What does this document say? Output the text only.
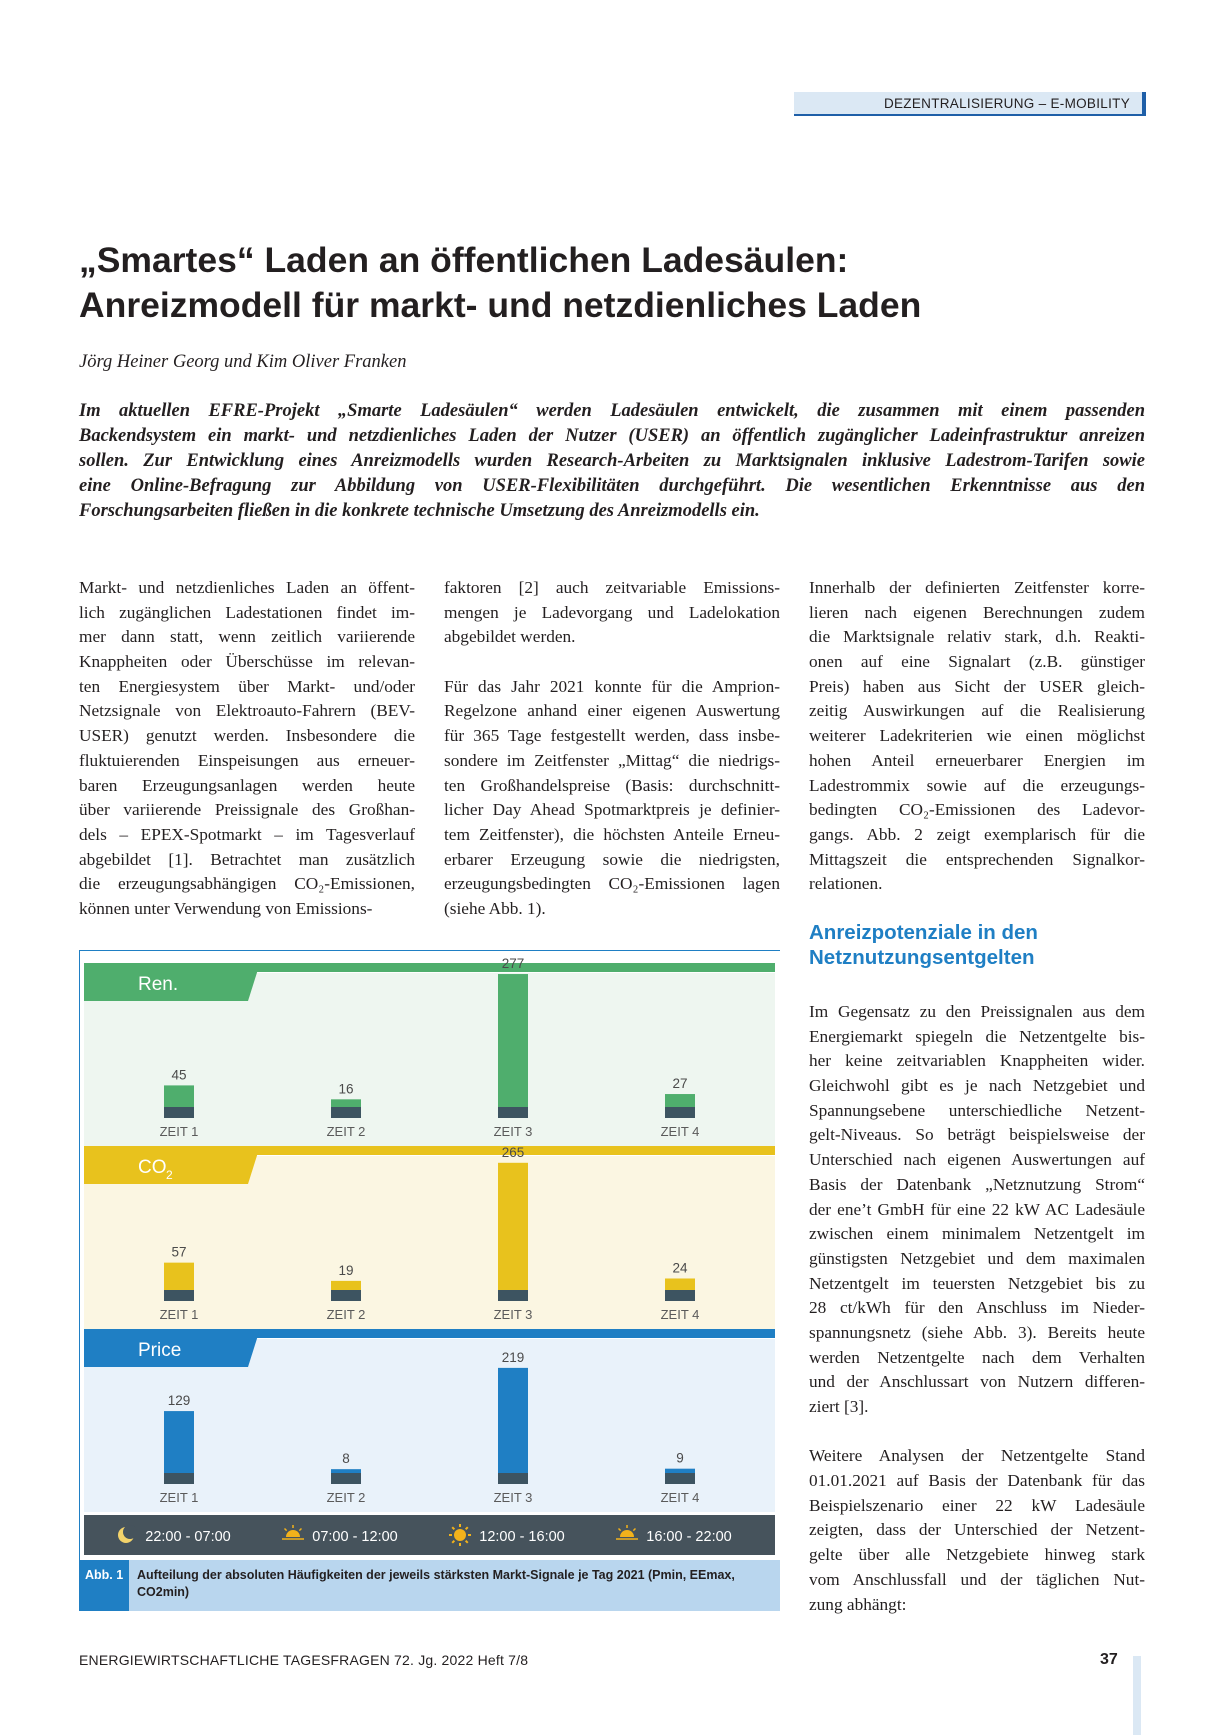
DEZENTRALISIERUNG – E-MOBILITY
„Smartes“ Laden an öffentlichen Ladesäulen:
Anreizmodell für markt- und netzdienliches Laden
Jörg Heiner Georg und Kim Oliver Franken
Im aktuellen EFRE-Projekt „Smarte Ladesäulen“ werden Ladesäulen entwickelt, die zusammen mit einem passenden
Backendsystem ein markt- und netzdienliches Laden der Nutzer (USER) an öffentlich zugänglicher Ladeinfrastruktur anreizen
sollen. Zur Entwicklung eines Anreizmodells wurden Research-Arbeiten zu Marktsignalen inklusive Ladestrom-Tarifen sowie
eine Online-Befragung zur Abbildung von USER-Flexibilitäten durchgeführt. Die wesentlichen Erkenntnisse aus den
Forschungsarbeiten fließen in die konkrete technische Umsetzung des Anreizmodells ein.
Markt- und netzdienliches Laden an öffent-
lich zugänglichen Ladestationen findet im-
mer dann statt, wenn zeitlich variierende
Knappheiten oder Überschüsse im relevan-
ten Energiesystem über Markt- und/oder
Netzsignale von Elektroauto-Fahrern (BEV-
USER) genutzt werden. Insbesondere die
fluktuierenden Einspeisungen aus erneuer-
baren Erzeugungsanlagen werden heute
über variierende Preissignale des Großhan-
dels – EPEX-Spotmarkt – im Tagesverlauf
abgebildet [1]. Betrachtet man zusätzlich
die erzeugungsabhängigen CO₂-Emissionen,
können unter Verwendung von Emissions-
faktoren [2] auch zeitvariable Emissions-
mengen je Ladevorgang und Ladelokation
abgebildet werden.
Für das Jahr 2021 konnte für die Amprion-
Regelzone anhand einer eigenen Auswertung
für 365 Tage festgestellt werden, dass insbe-
sondere im Zeitfenster „Mittag“ die niedrigs-
ten Großhandelspreise (Basis: durchschnitt-
licher Day Ahead Spotmarktpreis je definier-
tem Zeitfenster), die höchsten Anteile Erneu-
erbarer Erzeugung sowie die niedrigsten,
erzeugungsbedingten CO₂-Emissionen lagen
(siehe Abb. 1).
Innerhalb der definierten Zeitfenster korre-
lieren nach eigenen Berechnungen zudem
die Marktsignale relativ stark, d.h. Reakti-
onen auf eine Signalart (z.B. günstiger
Preis) haben aus Sicht der USER gleich-
zeitig Auswirkungen auf die Realisierung
weiterer Ladekriterien wie einen möglichst
hohen Anteil erneuerbarer Energien im
Ladestrommix sowie auf die erzeugungs-
bedingten CO₂-Emissionen des Ladevor-
gangs. Abb. 2 zeigt exemplarisch für die
Mittagszeit die entsprechenden Signalkor-
relationen.
Anreizpotenziale in den
Netznutzungsentgelten
Im Gegensatz zu den Preissignalen aus dem
Energiemarkt spiegeln die Netzentgelte bis-
her keine zeitvariablen Knappheiten wider.
Gleichwohl gibt es je nach Netzgebiet und
Spannungsebene unterschiedliche Netzent-
gelt-Niveaus. So beträgt beispielsweise der
Unterschied nach eigenen Auswertungen auf
Basis der Datenbank „Netznutzung Strom“
der ene’t GmbH für eine 22 kW AC Ladesäule
zwischen einem minimalem Netzentgelt im
günstigsten Netzgebiet und dem maximalen
Netzentgelt im teuersten Netzgebiet bis zu
28 ct/kWh für den Anschluss im Nieder-
spannungsnetz (siehe Abb. 3). Bereits heute
werden Netzentgelte nach dem Verhalten
und der Anschlussart von Nutzern differen-
ziert [3].
Weitere Analysen der Netzentgelte Stand
01.01.2021 auf Basis der Datenbank für das
Beispielszenario einer 22 kW Ladesäule
zeigten, dass der Unterschied der Netzent-
gelte über alle Netzgebiete hinweg stark
vom Anschlussfall und der täglichen Nut-
zung abhängt:
Ren.
45
ZEIT 1
16
ZEIT 2
277
ZEIT 3
27
ZEIT 4
CO 2
57
ZEIT 1
19
ZEIT 2
265
ZEIT 3
24
ZEIT 4
Price
129
ZEIT 1
8
ZEIT 2
219
ZEIT 3
9
ZEIT 4
22:00 - 07:00	07:00 - 12:00	12:00 - 16:00	16:00 - 22:00
Abb. 1	Aufteilung der absoluten Häufigkeiten der jeweils stärksten Markt-Signale je Tag 2021 (Pmin, EEmax, CO2min)
ENERGIEWIRTSCHAFTLICHE TAGESFRAGEN 72. Jg. 2022 Heft 7/8	37
